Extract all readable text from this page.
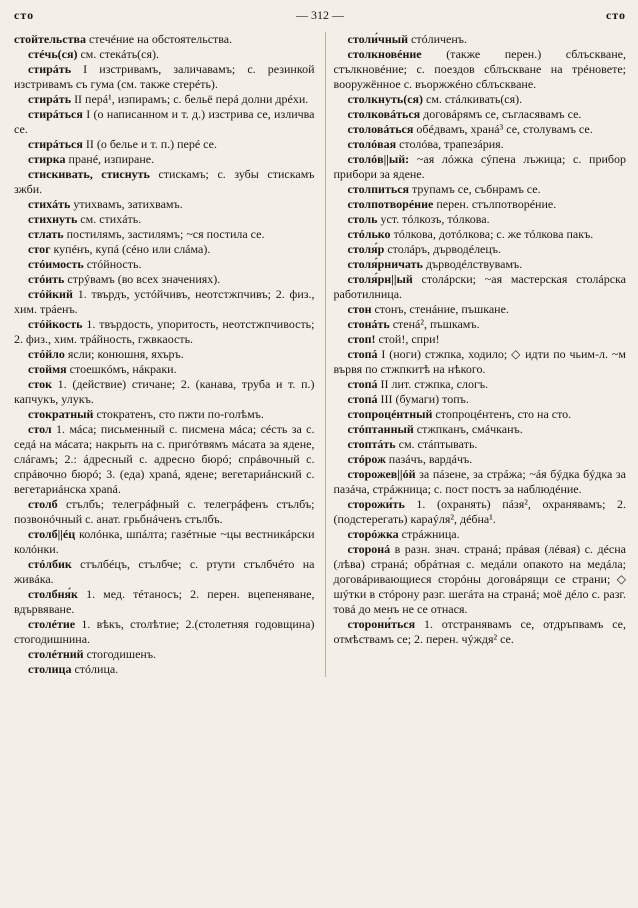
сто	— 312 —	сто

стойтельства стечéние на обстоятельства.

стéчь(ся) см. стекáть(ся).

стирáть I изстривамъ, заличавамъ; с. резинкой изстривамъ съ гума (см. также стерéть).

стирáть II перá¹, изпирамъ; с. бельё перá долни дрéхи.

стирáться I (о написанном и т. д.) изстрива се, изличва се.

стирáться II (о белье и т. п.) перé се.

стирка пранé, изпиране.

стискивать, стиснуть стискамъ; с. зубы стискамъ зжби.

стихáть утихвамъ, затихвамъ.

стихнуть см. стихáть.

стлать постилямъ, застилямъ; ~ся постила се.

стог купéнъ, купá (сéно или слáма).

стóимость стóйность.

стóить стрýвамъ (во всех значениях).

стóйкий 1. твърдъ, устóйчивъ, неотстжпчивъ; 2. физ., хим. трáенъ.

стóйкость 1. твърдость, упоритость, неотстжпчивость; 2. физ., хим. трáйность, гжвкаость.

стóйло ясли; конюшня, яхъръ.

стоймя стоешкóмъ, нáкраки.

сток 1. (действие) стичане; 2. (канава, труба и т. п.) капчукъ, улукъ.

стократный стократенъ, сто пжти по-голѣмъ.

стол 1. мáса; письменный с. писмена мáса; сéсть за с. седá на мáсата; накрыть на с. пригóтвямъ мáсата за ядене, слáгамъ; 2.: áдресный с. адресно бюрó; спрáвочный с. спрáвочно бюрó; 3. (еда) храná, ядене; вегетариáнский с. вегетариáнска храná.

столб стълбъ; телегрáфный с. телегрáфенъ стълбъ; позвонóчный с. анат. грьбнáченъ стълбъ.

столб||éц колóнка, шпáлта; газéтные ~цы вестникáрски колóнки.

стóлбик стълбéцъ, стълбче; с. ртути стълбчéто на живáка.

столбня́к 1. мед. тéтаносъ; 2. перен. вцепеняване, вдървяване.

столéтие 1. вѣкъ, столѣтие; 2.(столетняя годовщина) стогодишнина.

столéтний стогодишенъ.

столица стóлица.

столи́чный стóличенъ.

столкновéние (также перен.) сблъскване, стълкновéние; с. поездов сблъскване на трéновете; вооружённое с. въоржжéно сблъскване.

столкнуть(ся) см. стáлкивать(ся).

столковáться договáрямъ се, съгласявамъ се.

столовáться обéдвамъ, хранá³ се, столувамъ се.

столóвая столóва, трапезáрия.

столóв||ый: ~ая лóжка сýпена лъжица; с. прибор прибори за ядене.

столпиться трупамъ се, събнрамъ се.

столпотворéние перен. стълпотворéние.

столь уст. тóлкозъ, тóлкова.

стóлько тóлкова, дотóлкова; с. же тóлкова пакъ.

столя́р столáръ, дърводéлецъ.

столя́рничать дърводéлствувамъ.

столя́рн||ый столáрски; ~ая мастерская столáрска работилница.

стон стонъ, стенáние, пъшкане.

стонáть стенá², пъшкамъ.

стоп! стой!, спри!

стопá I (ноги) стжпка, ходило; ◇ идти по чьим-л. ~м вървя по стжпкитѣ на нѣкого.

стопá II лит. стжпка, слогъ.

стопá III (бумаги) топъ.

стопроцéнтный стопроцéнтенъ, сто на сто.

стóптанный стжпканъ, смáчканъ.

стоптáть см. стáптывать.

стóрож пазáчъ, вардáчъ.

сторожев||óй за пáзене, за стрáжа; ~áя бýдка бýдка за пазáча, стрáжница; с. пост постъ за наблюдéние.

сторожи́ть 1. (охранять) пáзя², охранявамъ; 2. (подстерегать) караýля², дéбна¹.

сторóжка стрáжница.

сторонá в разн. знач. странá; прáвая (лéвая) с. дéсна (лѣва) странá; обрáтная с. медáли опакото на медáла; договáривающиеся сторóны договáрящи се страни; ◇ шýтки в стóрону разг. шегáта на странá; моё дéло с. разг. товá до менъ не се отнася.

сторони́ться 1. отстранявамъ се, отдръпвамъ се, отмѣствамъ се; 2. перен. чýждя² се.
